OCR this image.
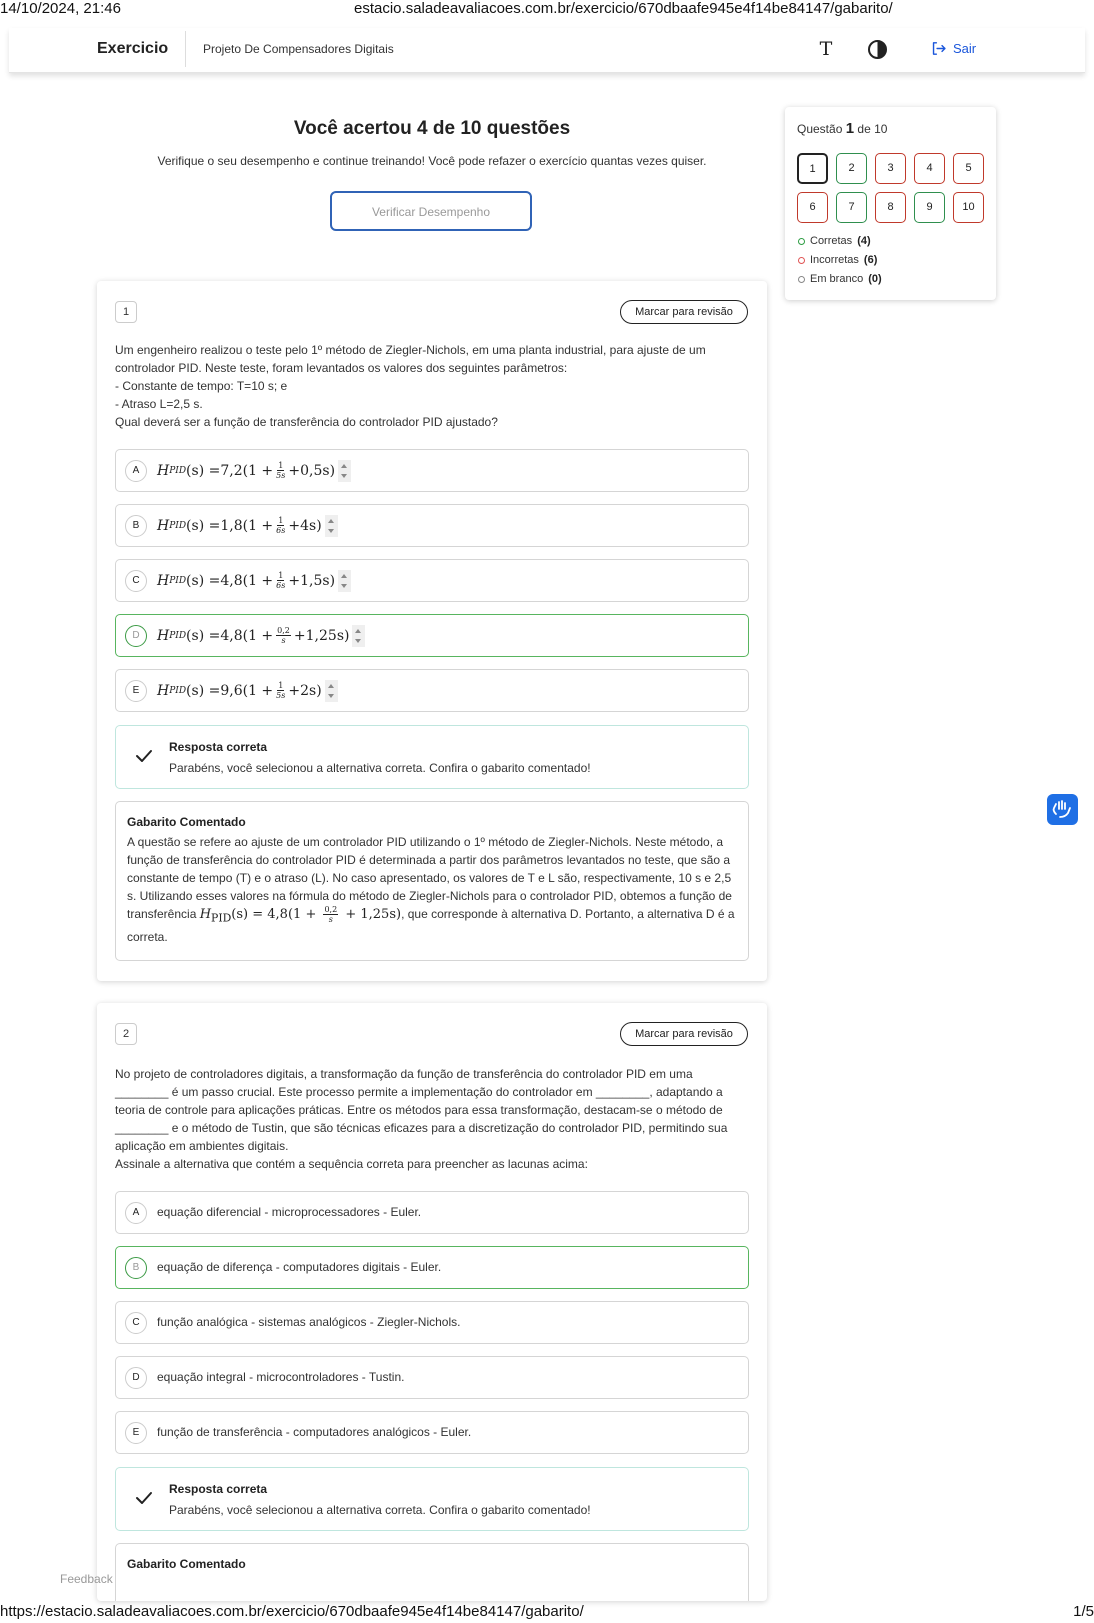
14/10/2024, 21:46	estacio.saladeavaliacoes.com.br/exercicio/670dbaafe945e4f14be84147/gabarito/
Exercicio	Projeto De Compensadores Digitais	T	Sair
Você acertou 4 de 10 questões
Verifique o seu desempenho e continue treinando! Você pode refazer o exercício quantas vezes quiser.
Verificar Desempenho
Questão 1 de 10
1	2	3	4	5
6	7	8	9	10
Corretas (4)
Incorretas (6)
Em branco (0)
1	Marcar para revisão

Um engenheiro realizou o teste pelo 1º método de Ziegler-Nichols, em uma planta industrial, para ajuste de um controlador PID. Neste teste, foram levantados os valores dos seguintes parâmetros:

- Constante de tempo: T=10 s; e

- Atraso L=2,5 s.

Qual deverá ser a função de transferência do controlador PID ajustado?

A	H PID (s) = 7,2 ($1 + \frac{1}{5s} + 0,5s$ )
B	H PID (s) = 1,8 ($1 + \frac{1}{6s} + 4s$ )
C	H PID (s) = 4,8 ($1 + \frac{1}{6s} + 1,5s$ )
D	H PID (s) = 4,8 ($1 + \frac{0,2}{s} + 1,25s$ )
E	H PID (s) = 9,6 ($1 + \frac{1}{5s} + 2s$ )
Resposta correta
Parabéns, você selecionou a alternativa correta. Confira o gabarito comentado!
Gabarito Comentado
A questão se refere ao ajuste de um controlador PID utilizando o 1º método de Ziegler-Nichols. Neste método, a função de transferência do controlador PID é determinada a partir dos parâmetros levantados no teste, que são a constante de tempo (T) e o atraso (L). No caso apresentado, os valores de T e L são, respectivamente, 10 s e 2,5 s. Utilizando esses valores na fórmula do método de Ziegler-Nichols para o controlador PID, obtemos a função de transferência $H_{PID}(s) = 4,8(1 + \frac{0,2}{s} + 1,25s)$, que corresponde à alternativa D. Portanto, a alternativa D é a correta.
2	Marcar para revisão

No projeto de controladores digitais, a transformação da função de transferência do controlador PID em uma ________ é um passo crucial. Este processo permite a implementação do controlador em ________, adaptando a teoria de controle para aplicações práticas. Entre os métodos para essa transformação, destacam-se o método de ________ e o método de Tustin, que são técnicas eficazes para a discretização do controlador PID, permitindo sua aplicação em ambientes digitais.

Assinale a alternativa que contém a sequência correta para preencher as lacunas acima:

A	equação diferencial - microprocessadores - Euler.
B	equação de diferença - computadores digitais - Euler.
C	função analógica - sistemas analógicos - Ziegler-Nichols.
D	equação integral - microcontroladores - Tustin.
E	função de transferência - computadores analógicos - Euler.
Resposta correta
Parabéns, você selecionou a alternativa correta. Confira o gabarito comentado!
Gabarito Comentado
Feedback
https://estacio.saladeavaliacoes.com.br/exercicio/670dbaafe945e4f14be84147/gabarito/	1/5
